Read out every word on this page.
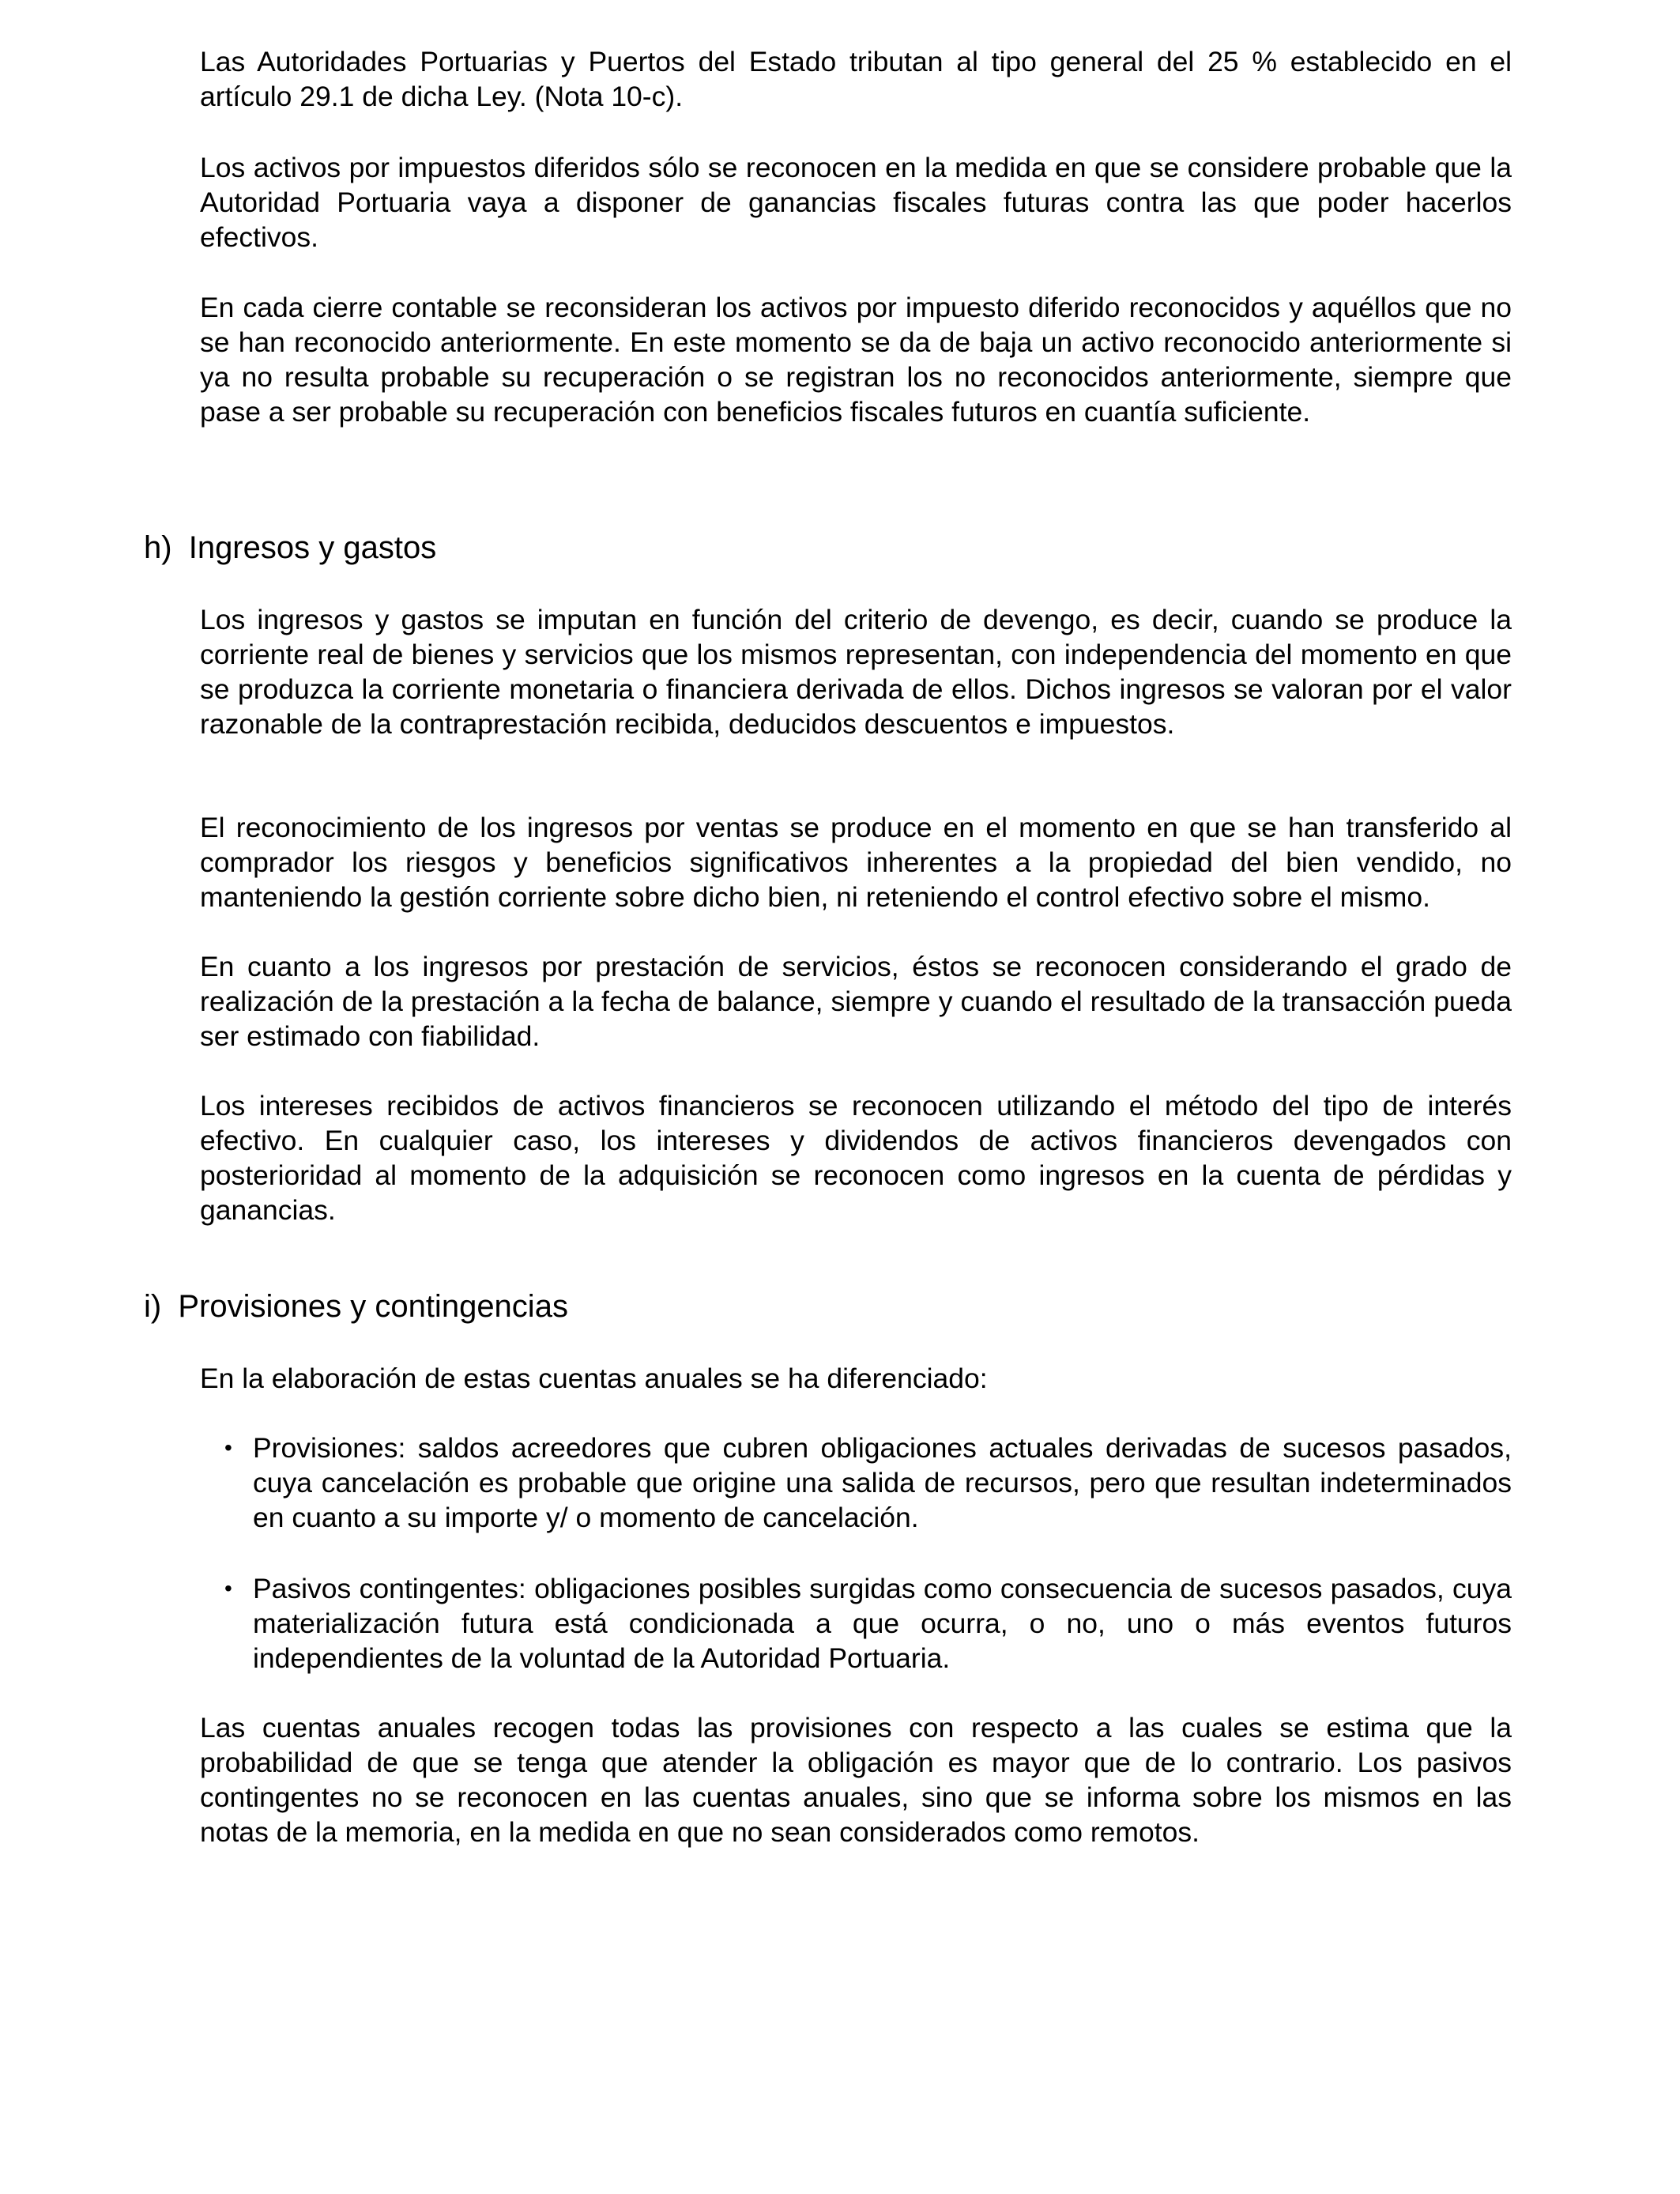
Las Autoridades Portuarias y Puertos del Estado tributan al tipo general del 25 % establecido en el artículo 29.1 de dicha Ley. (Nota 10-c).

Los activos por impuestos diferidos sólo se reconocen en la medida en que se considere probable que la Autoridad Portuaria vaya a disponer de ganancias fiscales futuras contra las que poder hacerlos efectivos.

En cada cierre contable se reconsideran los activos por impuesto diferido reconocidos y aquéllos que no se han reconocido anteriormente. En este momento se da de baja un activo reconocido anteriormente si ya no resulta probable su recuperación o se registran los no reconocidos anteriormente, siempre que pase a ser probable su recuperación con beneficios fiscales futuros en cuantía suficiente.

h) Ingresos y gastos

Los ingresos y gastos se imputan en función del criterio de devengo, es decir, cuando se produce la corriente real de bienes y servicios que los mismos representan, con independencia del momento en que se produzca la corriente monetaria o financiera derivada de ellos. Dichos ingresos se valoran por el valor razonable de la contraprestación recibida, deducidos descuentos e impuestos.

El reconocimiento de los ingresos por ventas se produce en el momento en que se han transferido al comprador los riesgos y beneficios significativos inherentes a la propiedad del bien vendido, no manteniendo la gestión corriente sobre dicho bien, ni reteniendo el control efectivo sobre el mismo.

En cuanto a los ingresos por prestación de servicios, éstos se reconocen considerando el grado de realización de la prestación a la fecha de balance, siempre y cuando el resultado de la transacción pueda ser estimado con fiabilidad.

Los intereses recibidos de activos financieros se reconocen utilizando el método del tipo de interés efectivo. En cualquier caso, los intereses y dividendos de activos financieros devengados con posterioridad al momento de la adquisición se reconocen como ingresos en la cuenta de pérdidas y ganancias.

i) Provisiones y contingencias

En la elaboración de estas cuentas anuales se ha diferenciado:

• Provisiones: saldos acreedores que cubren obligaciones actuales derivadas de sucesos pasados, cuya cancelación es probable que origine una salida de recursos, pero que resultan indeterminados en cuanto a su importe y/ o momento de cancelación.
• Pasivos contingentes: obligaciones posibles surgidas como consecuencia de sucesos pasados, cuya materialización futura está condicionada a que ocurra, o no, uno o más eventos futuros independientes de la voluntad de la Autoridad Portuaria.

Las cuentas anuales recogen todas las provisiones con respecto a las cuales se estima que la probabilidad de que se tenga que atender la obligación es mayor que de lo contrario. Los pasivos contingentes no se reconocen en las cuentas anuales, sino que se informa sobre los mismos en las notas de la memoria, en la medida en que no sean considerados como remotos.
